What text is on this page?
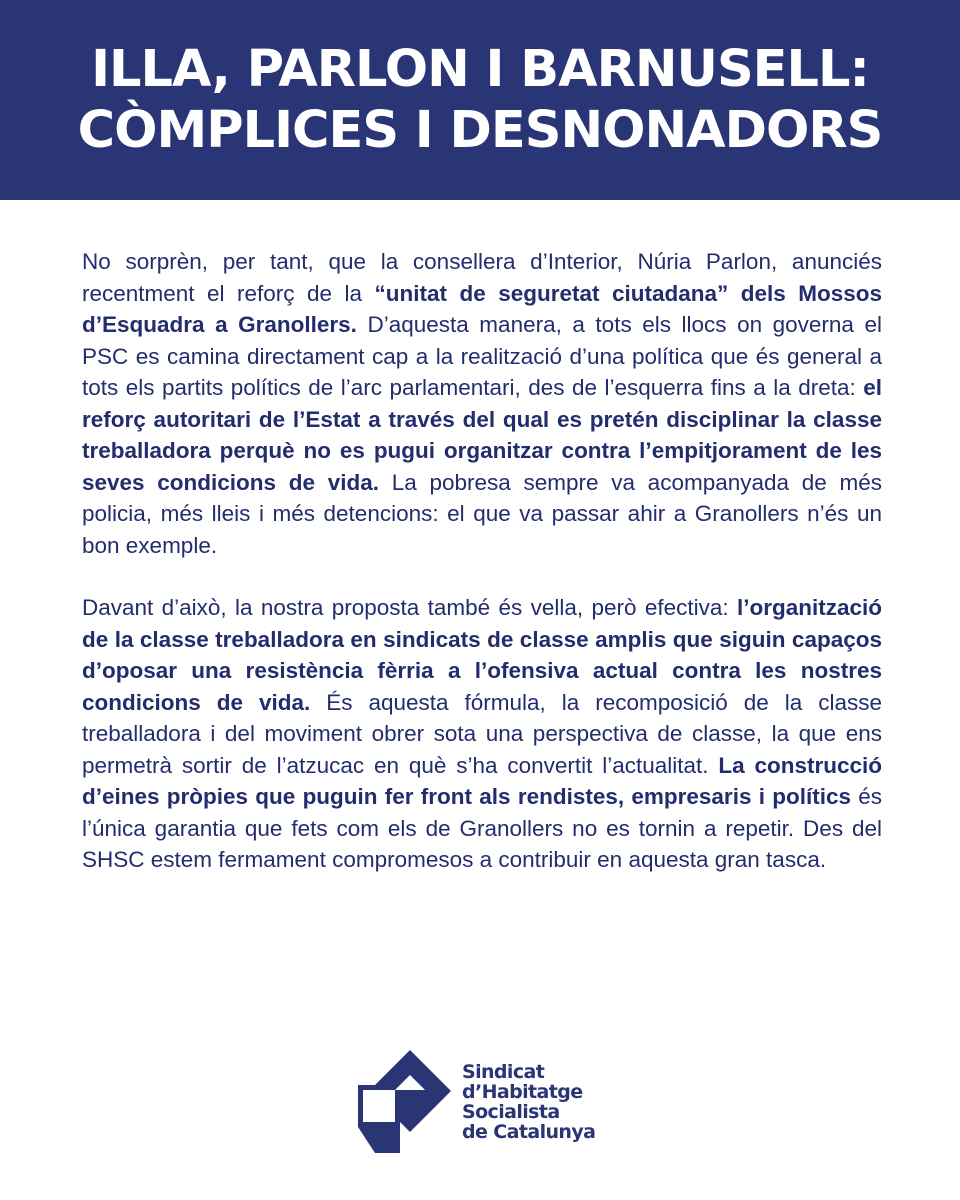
ILLA, PARLON I BARNUSELL:
CÒMPLICES I DESNONADORS

No sorprèn, per tant, que la consellera d’Interior, Núria Parlon, anunciés recentment el reforç de la “unitat de seguretat ciutadana” dels Mossos d’Esquadra a Granollers. D’aquesta manera, a tots els llocs on governa el PSC es camina directament cap a la realització d’una política que és general a tots els partits polítics de l’arc parlamentari, des de l’esquerra fins a la dreta: el reforç autoritari de l’Estat a través del qual es pretén disciplinar la classe treballadora perquè no es pugui organitzar contra l’empitjorament de les seves condicions de vida. La pobresa sempre va acompanyada de més policia, més lleis i més detencions: el que va passar ahir a Granollers n’és un bon exemple.

Davant d’això, la nostra proposta també és vella, però efectiva: l’organització de la classe treballadora en sindicats de classe amplis que siguin capaços d’oposar una resistència fèrria a l’ofensiva actual contra les nostres condicions de vida. És aquesta fórmula, la recomposició de la classe treballadora i del moviment obrer sota una perspectiva de classe, la que ens permetrà sortir de l’atzucac en què s’ha convertit l’actualitat. La construcció d’eines pròpies que puguin fer front als rendistes, empresaris i polítics és l’única garantia que fets com els de Granollers no es tornin a repetir. Des del SHSC estem fermament compromesos a contribuir en aquesta gran tasca.

Sindicat
d’Habitatge
Socialista
de Catalunya
